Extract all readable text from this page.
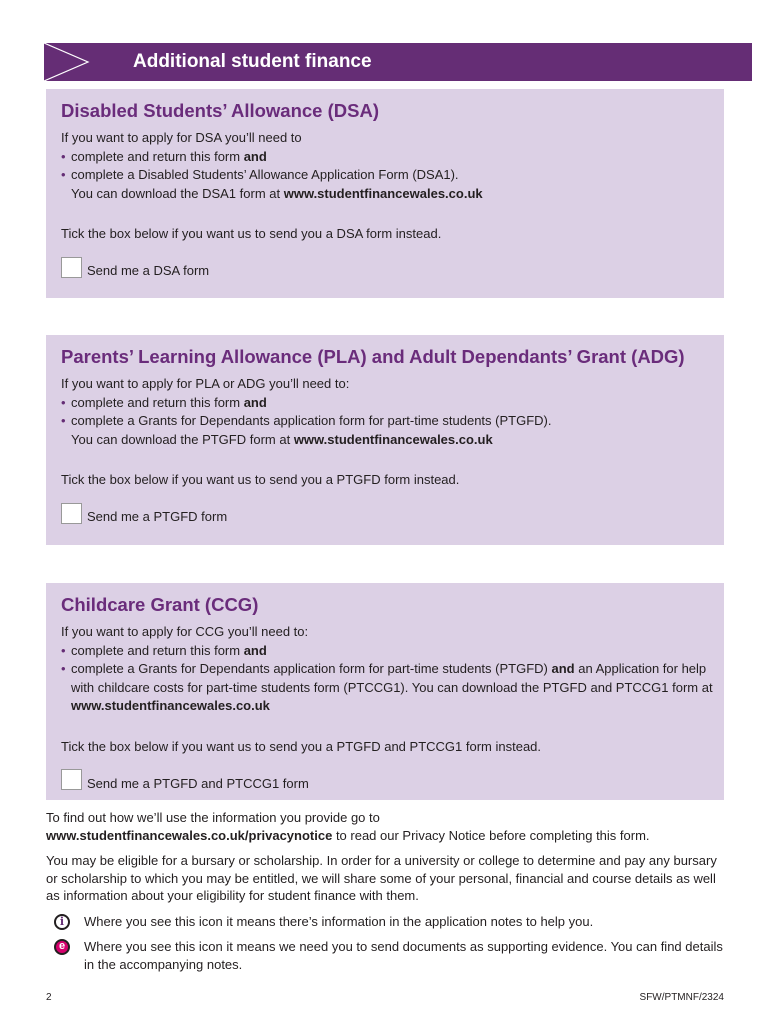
Additional student finance
Disabled Students’ Allowance (DSA)

If you want to apply for DSA you’ll need to

• complete and return this form and

• complete a Disabled Students’ Allowance Application Form (DSA1).
You can download the DSA1 form at www.studentfinancewales.co.uk

Tick the box below if you want us to send you a DSA form instead.

Send me a DSA form
Parents’ Learning Allowance (PLA) and Adult Dependants’ Grant (ADG)

If you want to apply for PLA or ADG you’ll need to:

• complete and return this form and

• complete a Grants for Dependants application form for part-time students (PTGFD).
You can download the PTGFD form at www.studentfinancewales.co.uk

Tick the box below if you want us to send you a PTGFD form instead.

Send me a PTGFD form
Childcare Grant (CCG)

If you want to apply for CCG you’ll need to:

• complete and return this form and

• complete a Grants for Dependants application form for part-time students (PTGFD) and an Application for help with childcare costs for part-time students form (PTCCG1). You can download the PTGFD and PTCCG1 form at www.studentfinancewales.co.uk

Tick the box below if you want us to send you a PTGFD and PTCCG1 form instead.

Send me a PTGFD and PTCCG1 form

To find out how we’ll use the information you provide go to
www.studentfinancewales.co.uk/privacynotice to read our Privacy Notice before completing this form.

You may be eligible for a bursary or scholarship. In order for a university or college to determine and pay any bursary or scholarship to which you may be entitled, we will share some of your personal, financial and course details as well as information about your eligibility for student finance with them.

i	Where you see this icon it means there’s information in the application notes to help you.
e	Where you see this icon it means we need you to send documents as supporting evidence. You can find details in the accompanying notes.
2	SFW/PTMNF/2324
